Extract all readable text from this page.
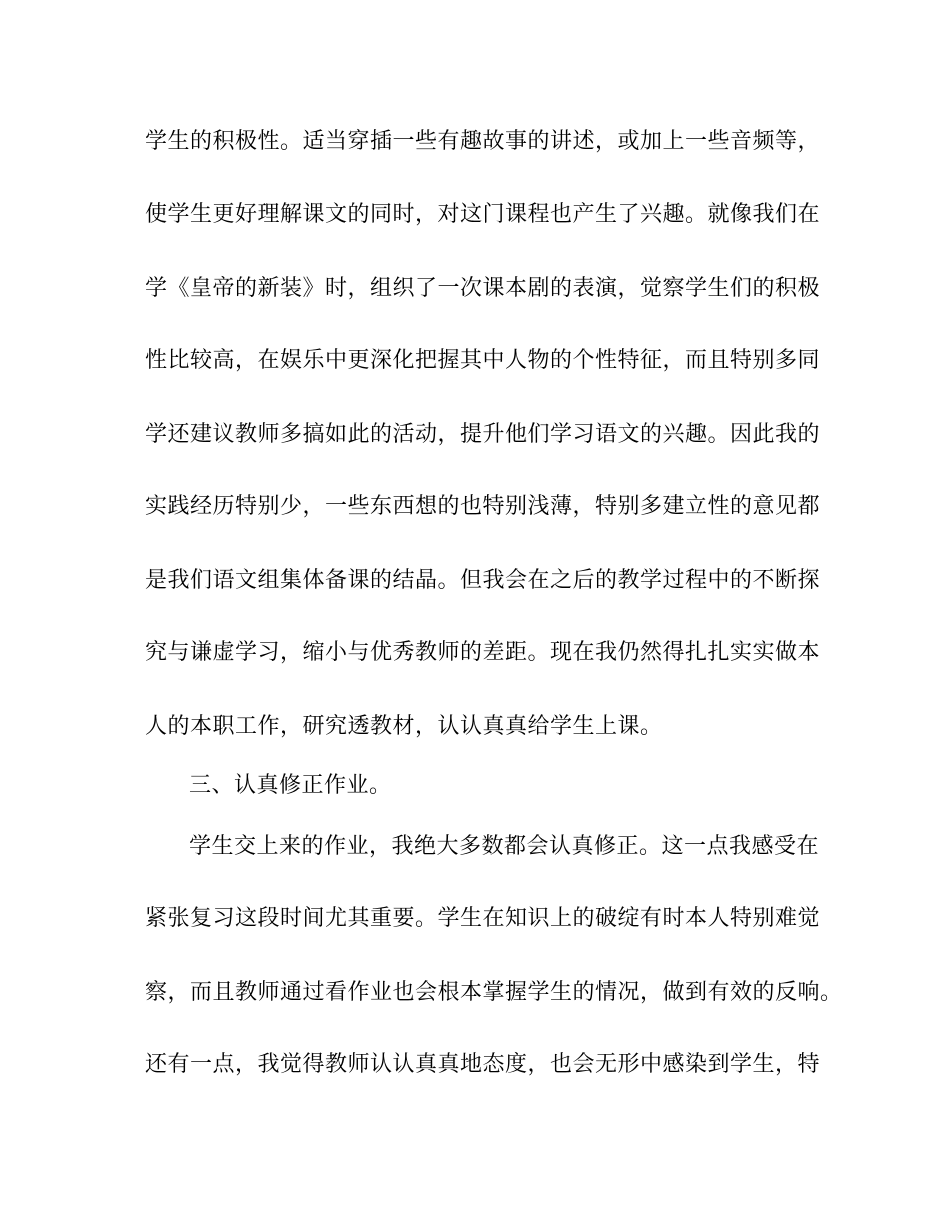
学生的积极性。适当穿插一些有趣故事的讲述，或加上一些音频等，
使学生更好理解课文的同时，对这门课程也产生了兴趣。就像我们在
学《皇帝的新装》时，组织了一次课本剧的表演，觉察学生们的积极
性比较高，在娱乐中更深化把握其中人物的个性特征，而且特别多同
学还建议教师多搞如此的活动，提升他们学习语文的兴趣。因此我的
实践经历特别少，一些东西想的也特别浅薄，特别多建立性的意见都
是我们语文组集体备课的结晶。但我会在之后的教学过程中的不断探
究与谦虚学习，缩小与优秀教师的差距。现在我仍然得扎扎实实做本
人的本职工作，研究透教材，认认真真给学生上课。
三、认真修正作业。
学生交上来的作业，我绝大多数都会认真修正。这一点我感受在
紧张复习这段时间尤其重要。学生在知识上的破绽有时本人特别难觉
察，而且教师通过看作业也会根本掌握学生的情况，做到有效的反响。
还有一点，我觉得教师认认真真地态度，也会无形中感染到学生，特
